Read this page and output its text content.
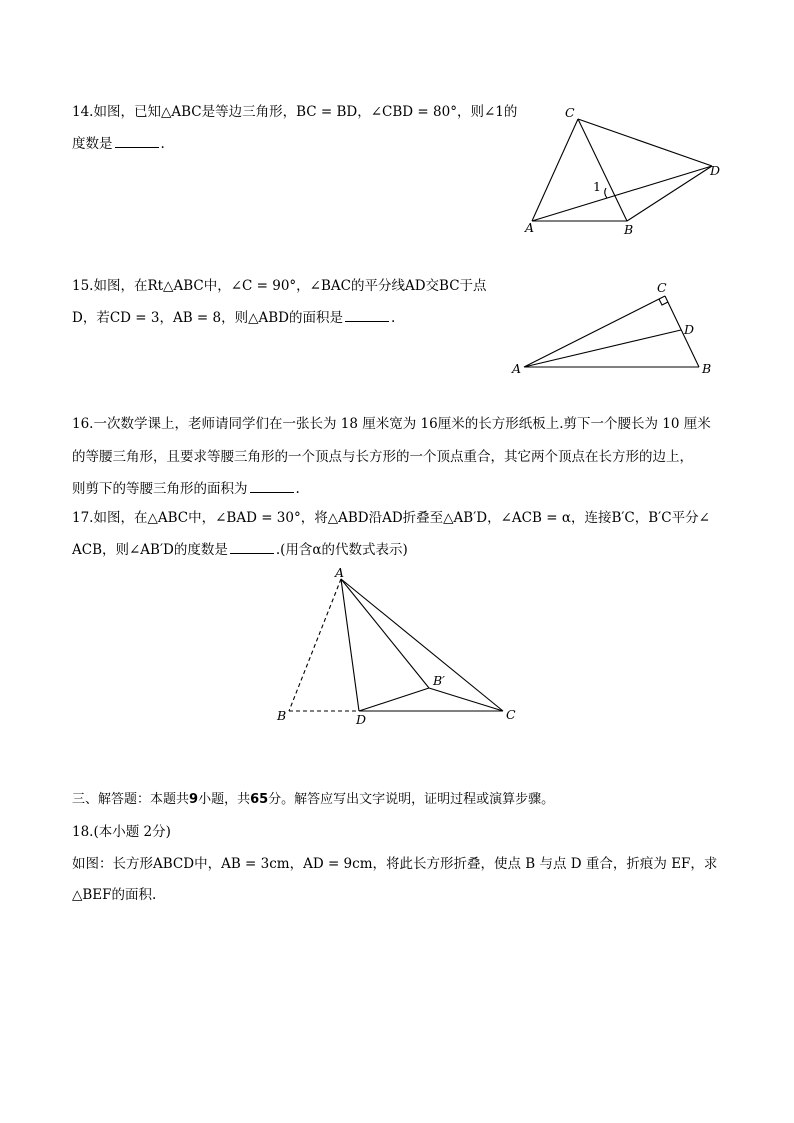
14.如图，已知△ABC是等边三角形，BC = BD，∠CBD = 80°，则∠1的
度数是	.
C
D
A	B
1
15.如图，在Rt△ABC中，∠C = 90°，∠BAC的平分线AD交BC于点
D，若CD = 3，AB = 8，则△ABD的面积是	.
C
D
A	B
16.一次数学课上，老师请同学们在一张长为 18 厘米宽为 16厘米的长方形纸板上.剪下一个腰长为 10 厘米
的等腰三角形，且要求等腰三角形的一个顶点与长方形的一个顶点重合，其它两个顶点在长方形的边上，
则剪下的等腰三角形的面积为	.
17.如图，在△ABC中，∠BAD = 30°，将△ABD沿AD折叠至△AB′D，∠ACB = α，连接B′C，B′C平分∠
ACB，则∠AB′D的度数是	.(用含α的代数式表示)
A
B′
B	D	C
三、解答题：本题共9小题，共65分。解答应写出文字说明，证明过程或演算步骤。
18.(本小题 2分)
如图：长方形ABCD中，AB = 3cm，AD = 9cm，将此长方形折叠，使点 B 与点 D 重合，折痕为 EF，求
△BEF的面积.
